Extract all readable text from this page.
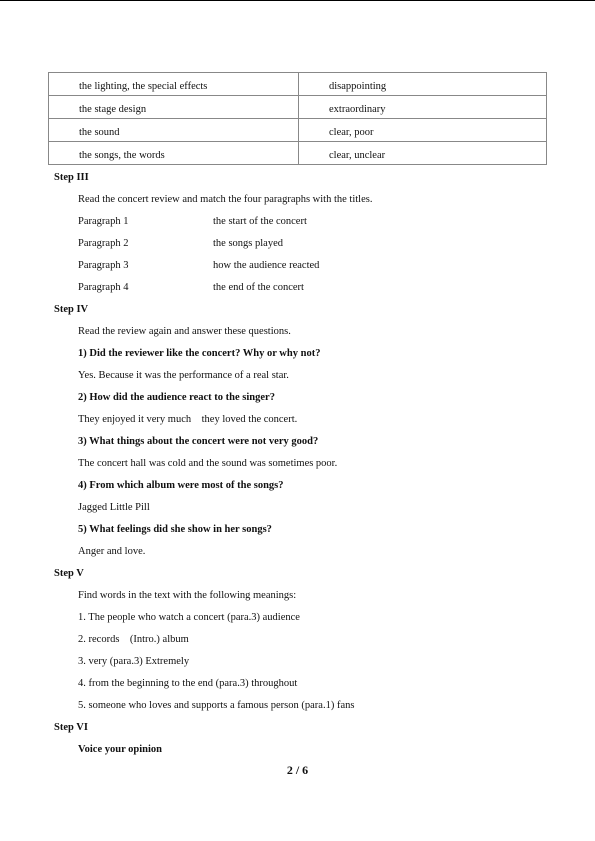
the lighting, the special effects	disappointing
the stage design	extraordinary
the sound	clear, poor
the songs, the words	clear, unclear
Step III
Read the concert review and match the four paragraphs with the titles.
Paragraph 1	the start of the concert
Paragraph 2	the songs played
Paragraph 3	how the audience reacted
Paragraph 4	the end of the concert
Step IV
Read the review again and answer these questions.
1) Did the reviewer like the concert? Why or why not?
Yes. Because it was the performance of a real star.
2) How did the audience react to the singer?
They enjoyed it very much　they loved the concert.
3) What things about the concert were not very good?
The concert hall was cold and the sound was sometimes poor.
4) From which album were most of the songs?
Jagged Little Pill
5) What feelings did she show in her songs?
Anger and love.
Step V
Find words in the text with the following meanings:
1. The people who watch a concert (para.3) audience
2. records    (Intro.) album
3. very (para.3) Extremely
4. from the beginning to the end (para.3) throughout
5. someone who loves and supports a famous person (para.1) fans
Step VI
Voice your opinion
2 / 6
